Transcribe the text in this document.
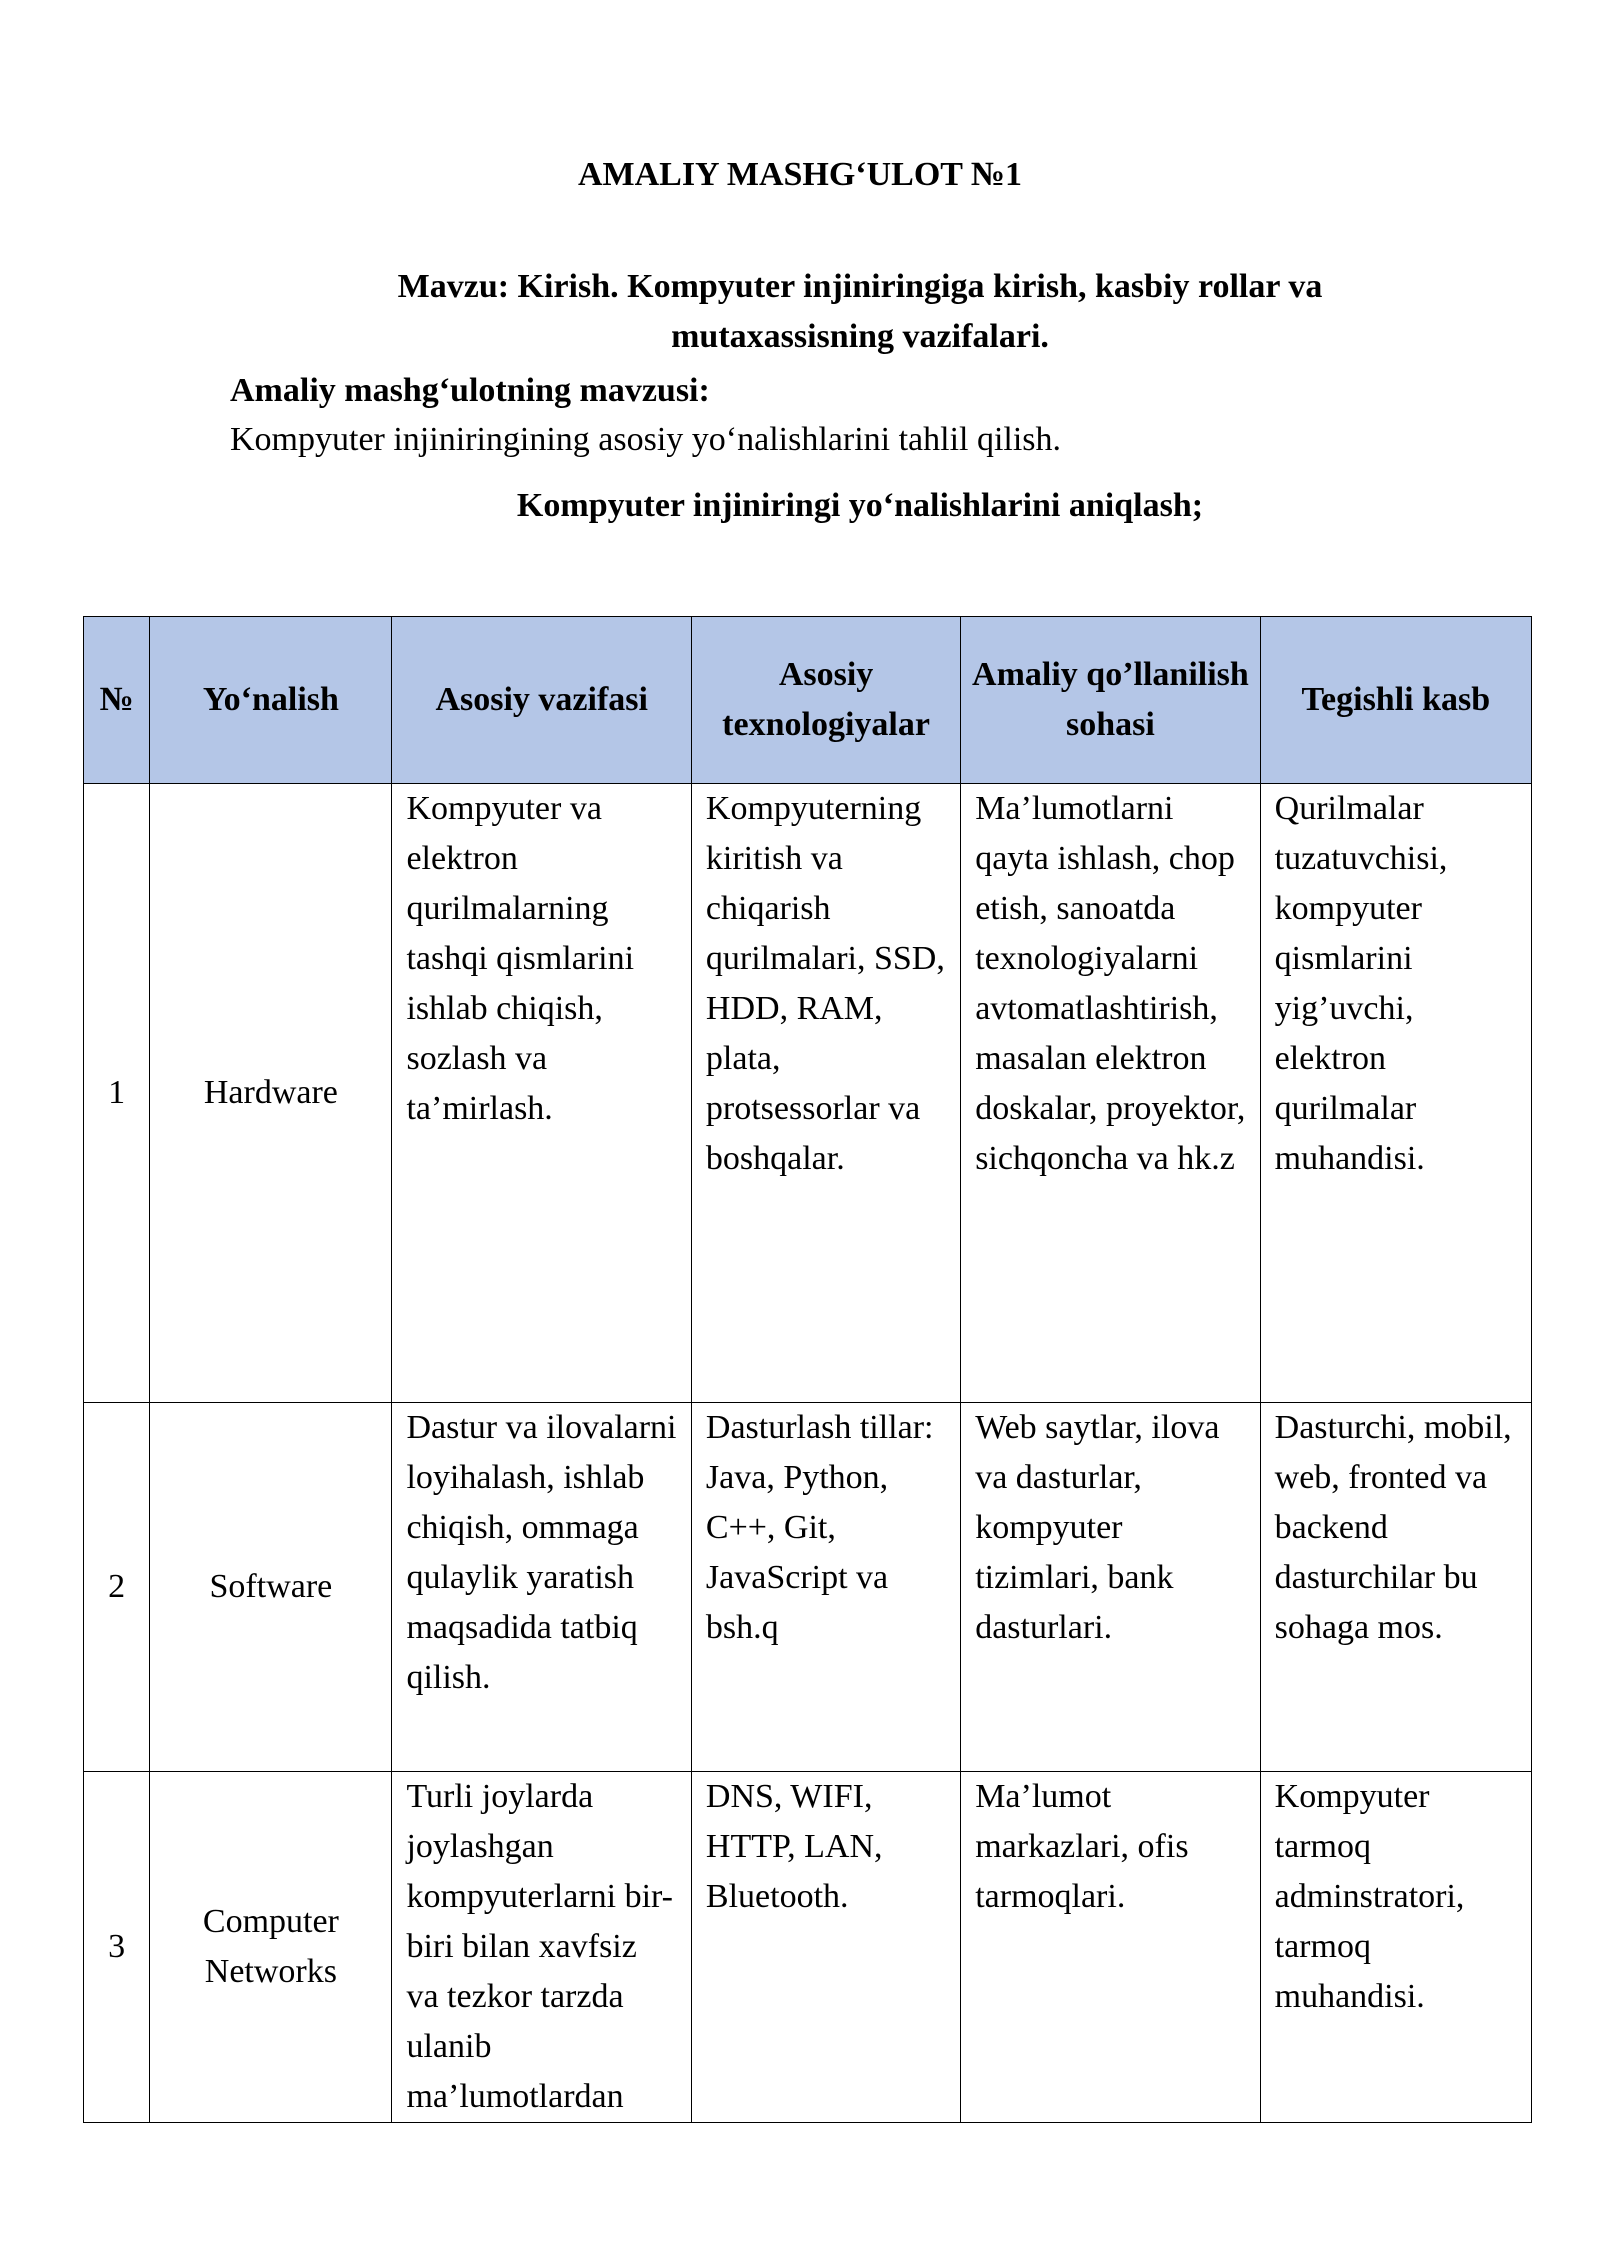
AMALIY MASHG‘ULOT №1

Mavzu: Kirish. Kompyuter injiniringiga kirish, kasbiy rollar va mutaxassisning vazifalari.

Amaliy mashg‘ulotning mavzusi:

Kompyuter injiniringining asosiy yo‘nalishlarini tahlil qilish.

Kompyuter injiniringi yo‘nalishlarini aniqlash;

№	Yo‘nalish	Asosiy vazifasi	Asosiy texnologiyalar	Amaliy qo’llanilish sohasi	Tegishli kasb
1	Hardware	Kompyuter va elektron qurilmalarning tashqi qismlarini ishlab chiqish, sozlash va ta’mirlash.	Kompyuterning kiritish va chiqarish qurilmalari, SSD, HDD, RAM, plata, protsessorlar va boshqalar.	Ma’lumotlarni qayta ishlash, chop etish, sanoatda texnologiyalarni avtomatlashtirish, masalan elektron doskalar, proyektor, sichqoncha va hk.z	Qurilmalar tuzatuvchisi, kompyuter qismlarini yig’uvchi, elektron qurilmalar muhandisi.
2	Software	Dastur va ilovalarni loyihalash, ishlab chiqish, ommaga qulaylik yaratish maqsadida tatbiq qilish.	Dasturlash tillar: Java, Python, C++, Git, JavaScript va bsh.q	Web saytlar, ilova va dasturlar, kompyuter tizimlari, bank dasturlari.	Dasturchi, mobil, web, fronted va backend dasturchilar bu sohaga mos.
3	Computer Networks	Turli joylarda joylashgan kompyuterlarni bir-biri bilan xavfsiz va tezkor tarzda ulanib ma’lumotlardan	DNS, WIFI, HTTP, LAN, Bluetooth.	Ma’lumot markazlari, ofis tarmoqlari.	Kompyuter tarmoq adminstratori, tarmoq muhandisi.
